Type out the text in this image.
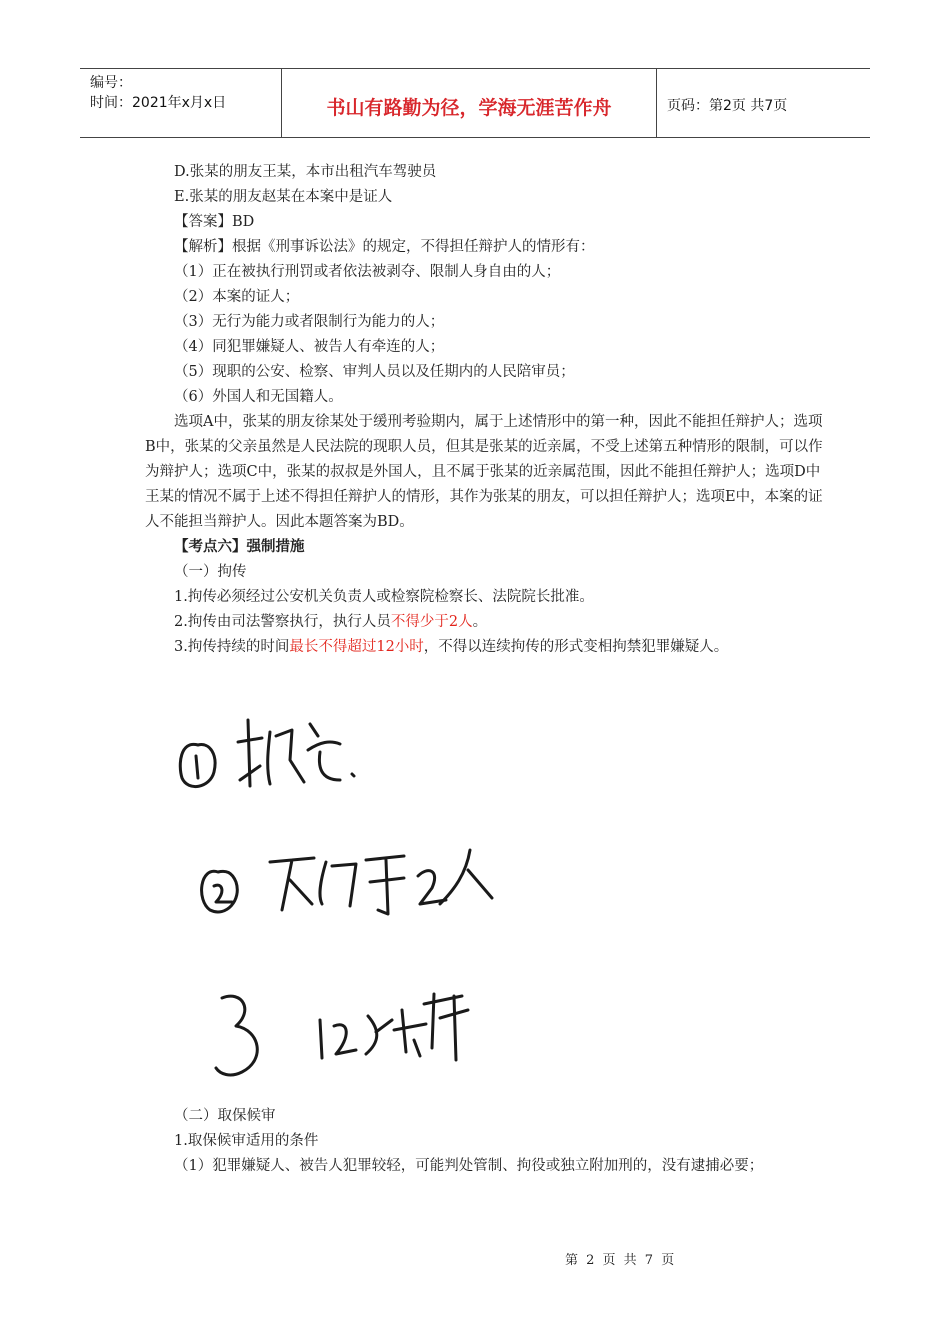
编号：
时间：2021年x月x日	书山有路勤为径，学海无涯苦作舟	页码：第2页 共7页

D.张某的朋友王某，本市出租汽车驾驶员

E.张某的朋友赵某在本案中是证人

【答案】BD

【解析】根据《刑事诉讼法》的规定，不得担任辩护人的情形有：

（1）正在被执行刑罚或者依法被剥夺、限制人身自由的人；

（2）本案的证人；

（3）无行为能力或者限制行为能力的人；

（4）同犯罪嫌疑人、被告人有牵连的人；

（5）现职的公安、检察、审判人员以及任期内的人民陪审员；

（6）外国人和无国籍人。

选项A中，张某的朋友徐某处于缓刑考验期内，属于上述情形中的第一种，因此不能担任辩护人；选项B中，张某的父亲虽然是人民法院的现职人员，但其是张某的近亲属，不受上述第五种情形的限制，可以作为辩护人；选项C中，张某的叔叔是外国人，且不属于张某的近亲属范围，因此不能担任辩护人；选项D中王某的情况不属于上述不得担任辩护人的情形，其作为张某的朋友，可以担任辩护人；选项E中，本案的证人不能担当辩护人。因此本题答案为BD。

【考点六】强制措施

（一）拘传

1.拘传必须经过公安机关负责人或检察院检察长、法院院长批准。

2.拘传由司法警察执行，执行人员不得少于2人。

3.拘传持续的时间最长不得超过12小时，不得以连续拘传的形式变相拘禁犯罪嫌疑人。

（二）取保候审

1.取保候审适用的条件

（1）犯罪嫌疑人、被告人犯罪较轻，可能判处管制、拘役或独立附加刑的，没有逮捕必要；

第 2 页 共 7 页
